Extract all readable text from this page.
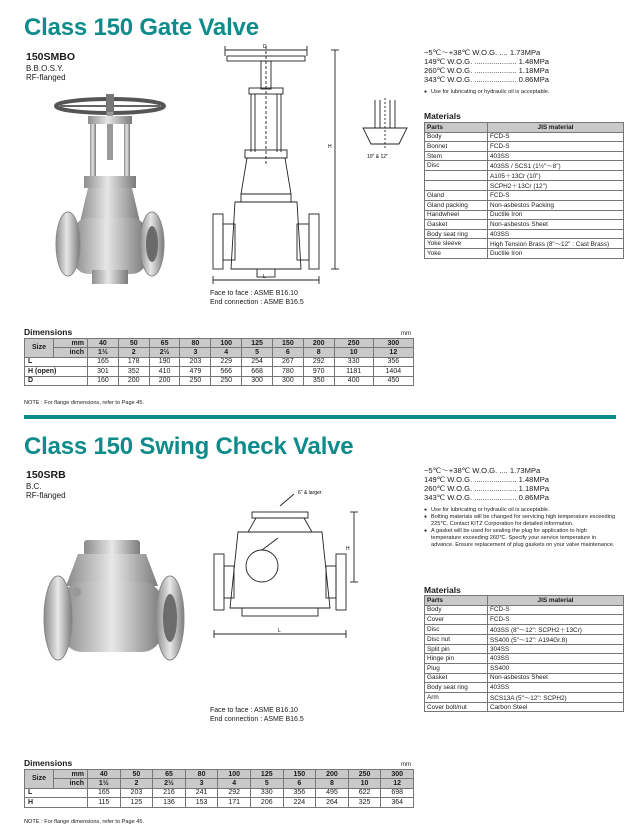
Class 150 Gate Valve
150SMBO
B.B.O.S.Y.
RF-flanged
D
H
L
10" & 12"
Face to face : ASME B16.10
End connection : ASME B16.5
−5℃〜+38℃ W.O.G. .... 1.73MPa
149℃ W.O.G. .................... 1.48MPa
260℃ W.O.G. .................... 1.18MPa
343℃ W.O.G. .................... 0.86MPa
● Use for lubricating or hydraulic oil is acceptable.
Materials
Parts	JIS material
Body	FCD-S
Bonnet	FCD-S
Stem	403SS
Disc	403SS / SCS1 (1½"〜8")
	A105＋13Cr (10")
	SCPH2＋13Cr (12")
Gland	FCD-S
Gland packing	Non-asbestos Packing
Handwheel	Ductile Iron
Gasket	Non-asbestos Sheet
Body seat ring	403SS
Yoke sleeve	High Tension Brass (8"〜12" : Cast Brass)
Yoke	Ductile Iron
Dimensions	mm
Size	mm	40	50	65	80	100	125	150	200	250	300
	inch	1½	2	2½	3	4	5	6	8	10	12
L		165	178	190	203	229	254	267	292	330	356
H (open)		301	352	410	479	566	668	780	970	1181	1404
D		160	200	200	250	250	300	300	350	400	450
NOTE : For flange dimensions, refer to Page 45.
Class 150 Swing Check Valve
150SRB
B.C.
RF-flanged	6" & larger
H
L
Face to face : ASME B16.10
End connection : ASME B16.5
−5℃〜+38℃ W.O.G. .... 1.73MPa
149℃ W.O.G. .................... 1.48MPa
260℃ W.O.G. .................... 1.18MPa
343℃ W.O.G. .................... 0.86MPa
● Use for lubricating or hydraulic oil is acceptable.
● Bolting materials will be changed for servicing high temperature exceeding 225℃. Contact KITZ Corporation for detailed information.
● A gasket will be used for sealing the plug for application to high temperature exceeding 260℃. Specify your service temperature in advance. Ensure replacement of plug gaskets on your valve maintenance.
Materials
Parts	JIS material
Body	FCD-S
Cover	FCD-S
Disc	403SS (8"〜12": SCPH2＋13Cr)
Disc nut	SS400 (5"〜12": A194Gr.8)
Split pin	304SS
Hinge pin	403SS
Plug	SS400
Gasket	Non-asbestos Sheet
Body seat ring	403SS
Arm	SCS13A (5"〜12": SCPH2)
Cover bolt/nut	Carbon Steel
Dimensions	mm
Size	mm	40	50	65	80	100	125	150	200	250	300
	inch	1½	2	2½	3	4	5	6	8	10	12
L		165	203	216	241	292	330	356	495	622	698
H		115	125	136	153	171	206	224	264	325	364
NOTE : For flange dimensions, refer to Page 45.
